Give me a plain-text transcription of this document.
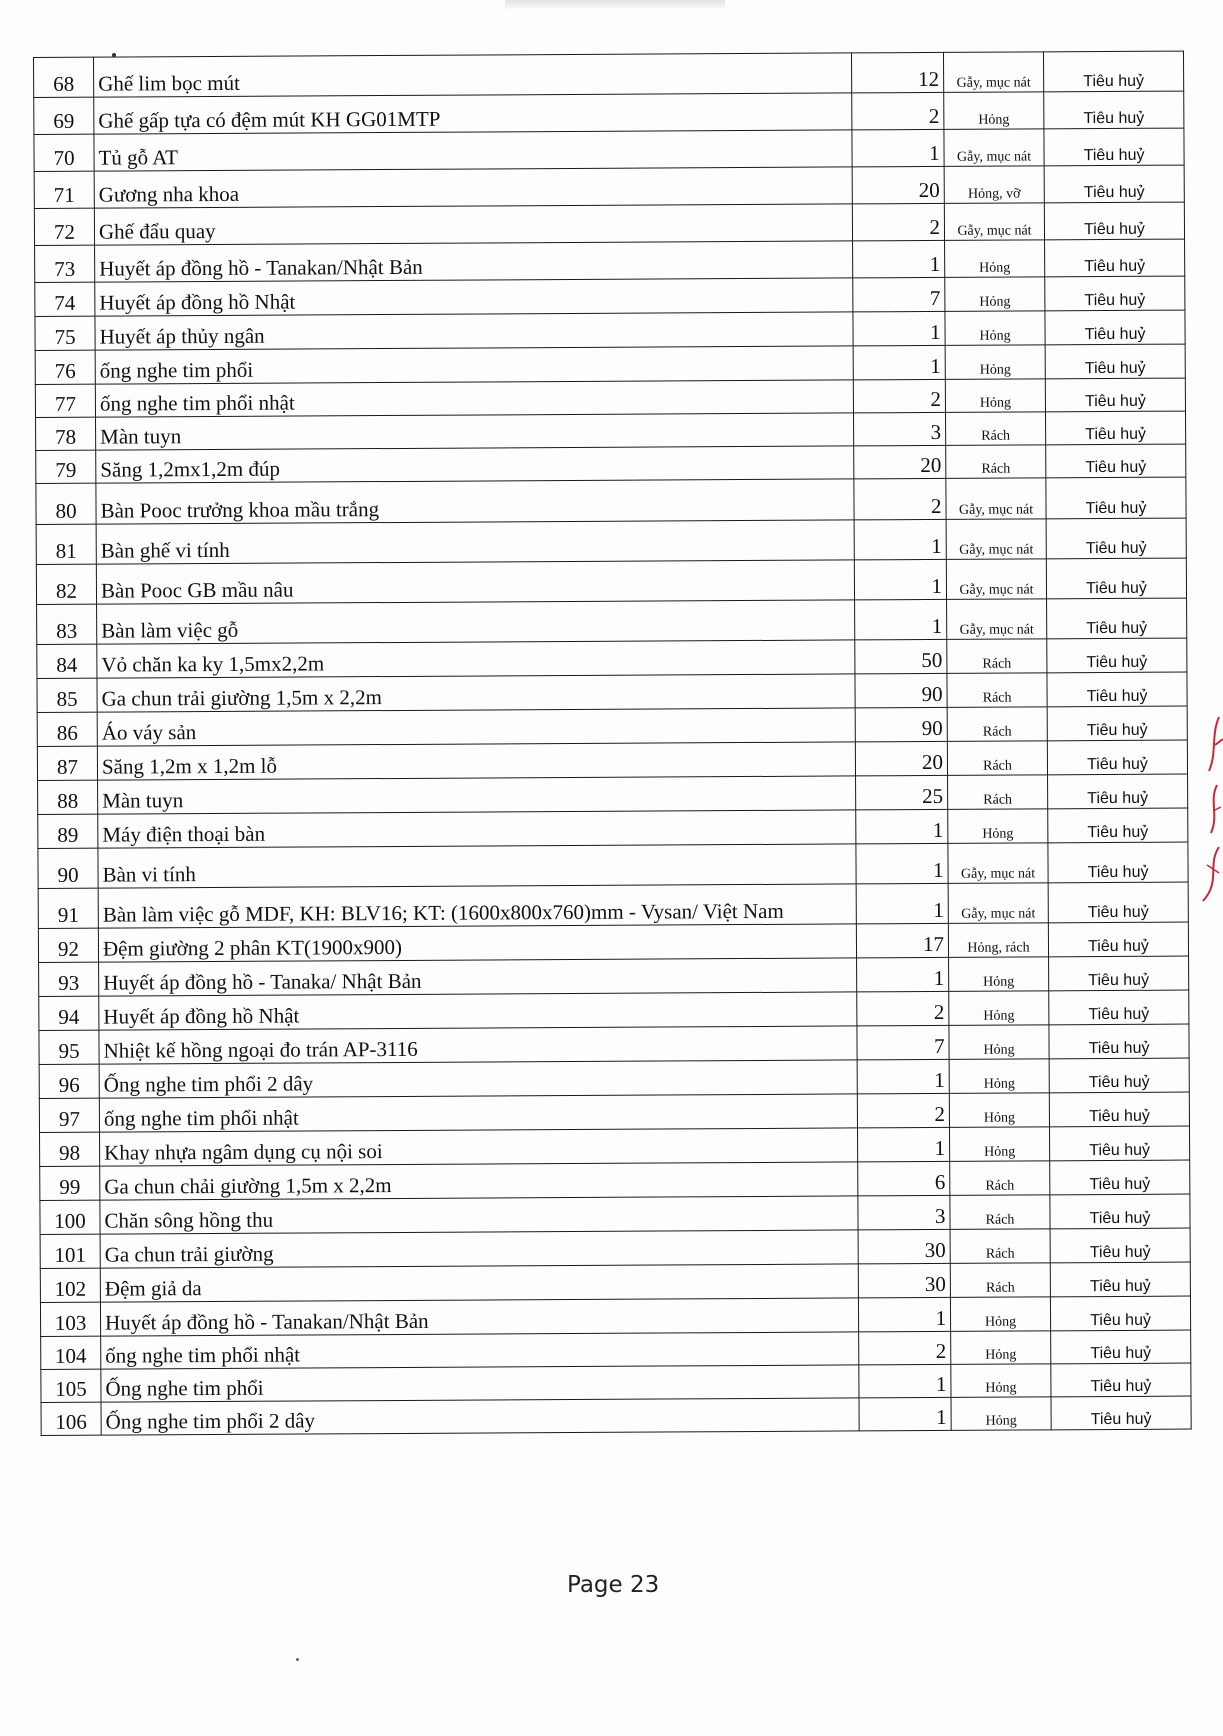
68	Ghế lim bọc mút	12	Gẫy, mục nát	Tiêu huỷ
69	Ghế gấp tựa có đệm mút KH GG01MTP	2	Hỏng	Tiêu huỷ
70	Tủ gỗ AT	1	Gẫy, mục nát	Tiêu huỷ
71	Gương nha khoa	20	Hỏng, vỡ	Tiêu huỷ
72	Ghế đẩu quay	2	Gẫy, mục nát	Tiêu huỷ
73	Huyết áp đồng hồ - Tanakan/Nhật Bản	1	Hỏng	Tiêu huỷ
74	Huyết áp đồng hồ Nhật	7	Hỏng	Tiêu huỷ
75	Huyết áp thủy ngân	1	Hỏng	Tiêu huỷ
76	ống nghe tim phổi	1	Hỏng	Tiêu huỷ
77	ống nghe tim phổi nhật	2	Hỏng	Tiêu huỷ
78	Màn tuyn	3	Rách	Tiêu huỷ
79	Săng 1,2mx1,2m đúp	20	Rách	Tiêu huỷ
80	Bàn Pooc trưởng khoa mầu trắng	2	Gẫy, mục nát	Tiêu huỷ
81	Bàn ghế vi tính	1	Gẫy, mục nát	Tiêu huỷ
82	Bàn Pooc GB mầu nâu	1	Gẫy, mục nát	Tiêu huỷ
83	Bàn làm việc gỗ	1	Gẫy, mục nát	Tiêu huỷ
84	Vỏ chăn ka ky 1,5mx2,2m	50	Rách	Tiêu huỷ
85	Ga chun trải giường 1,5m x 2,2m	90	Rách	Tiêu huỷ
86	Áo váy sản	90	Rách	Tiêu huỷ
87	Săng 1,2m x 1,2m lỗ	20	Rách	Tiêu huỷ
88	Màn tuyn	25	Rách	Tiêu huỷ
89	Máy điện thoại bàn	1	Hỏng	Tiêu huỷ
90	Bàn vi tính	1	Gẫy, mục nát	Tiêu huỷ
91	Bàn làm việc gỗ MDF, KH: BLV16; KT: (1600x800x760)mm - Vysan/ Việt Nam	1	Gẫy, mục nát	Tiêu huỷ
92	Đệm giường 2 phân KT(1900x900)	17	Hỏng, rách	Tiêu huỷ
93	Huyết áp đồng hồ - Tanaka/ Nhật Bản	1	Hỏng	Tiêu huỷ
94	Huyết áp đồng hồ Nhật	2	Hỏng	Tiêu huỷ
95	Nhiệt kế hồng ngoại đo trán AP-3116	7	Hỏng	Tiêu huỷ
96	Ống nghe tim phổi 2 dây	1	Hỏng	Tiêu huỷ
97	ống nghe tim phổi nhật	2	Hỏng	Tiêu huỷ
98	Khay nhựa ngâm dụng cụ nội soi	1	Hỏng	Tiêu huỷ
99	Ga chun chải giường 1,5m x 2,2m	6	Rách	Tiêu huỷ
100	Chăn sông hồng thu	3	Rách	Tiêu huỷ
101	Ga chun trải giường	30	Rách	Tiêu huỷ
102	Đệm giả da	30	Rách	Tiêu huỷ
103	Huyết áp đồng hồ - Tanakan/Nhật Bản	1	Hỏng	Tiêu huỷ
104	ống nghe tim phổi nhật	2	Hỏng	Tiêu huỷ
105	Ống nghe tim phổi	1	Hỏng	Tiêu huỷ
106	Ống nghe tim phổi 2 dây	1	Hỏng	Tiêu huỷ
Page 23
